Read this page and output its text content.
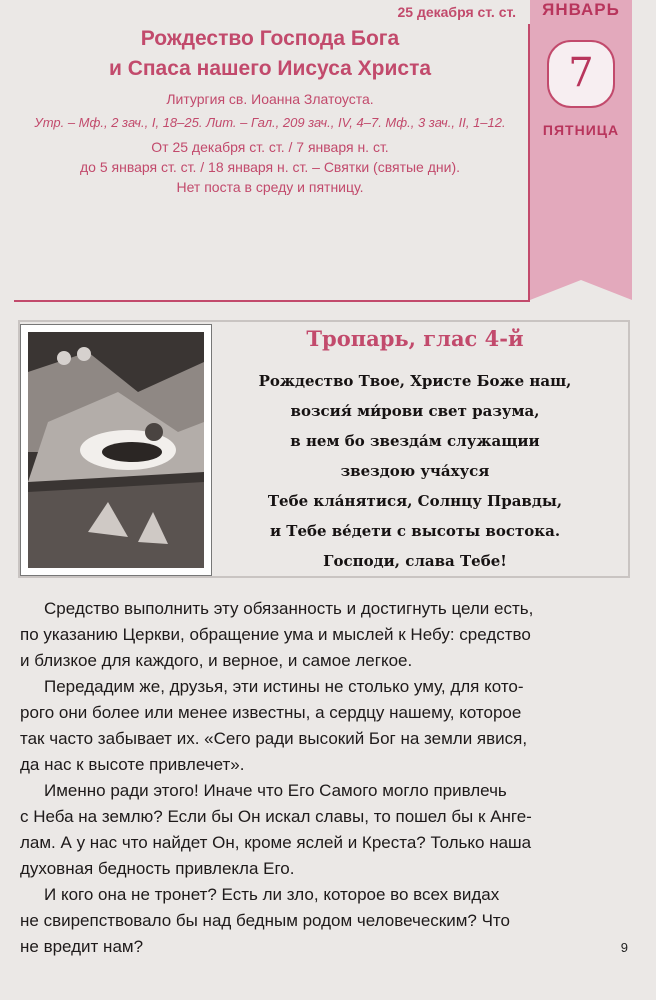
25 декабря ст. ст.
Рождество Господа Бога
и Спаса нашего Иисуса Христа
Литургия св. Иоанна Златоуста.
Утр. – Мф., 2 зач., I, 18–25. Лит. – Гал., 209 зач., IV, 4–7. Мф., 3 зач., II, 1–12.
От 25 декабря ст. ст. / 7 января н. ст.
до 5 января ст. ст. / 18 января н. ст. – Святки (святые дни).
Нет поста в среду и пятницу.
ЯНВАРЬ
7
ПЯТНИЦА
Тропарь, глас 4-й
Рождество Твое, Христе Боже наш,
возсия́ ми́рови свет разума,
в нем бо звезда́м служащии
звездою уча́хуся
Тебе кла́нятися, Солнцу Правды,
и Тебе ве́дети с высоты востока.
Господи, слава Тебе!
Средство выполнить эту обязанность и достигнуть цели есть,
по указанию Церкви, обращение ума и мыслей к Небу: средство
и близкое для каждого, и верное, и самое легкое.
Передадим же, друзья, эти истины не столько уму, для кото-
рого они более или менее известны, а сердцу нашему, которое
так часто забывает их. «Сего ради высокий Бог на земли явися,
да нас к высоте привлечет».
Именно ради этого! Иначе что Его Самого могло привлечь
с Неба на землю? Если бы Он искал славы, то пошел бы к Анге-
лам. А у нас что найдет Он, кроме яслей и Креста? Только наша
духовная бедность привлекла Его.
И кого она не тронет? Есть ли зло, которое во всех видах
не свирепствовало бы над бедным родом человеческим? Что
не вредит нам?	9
